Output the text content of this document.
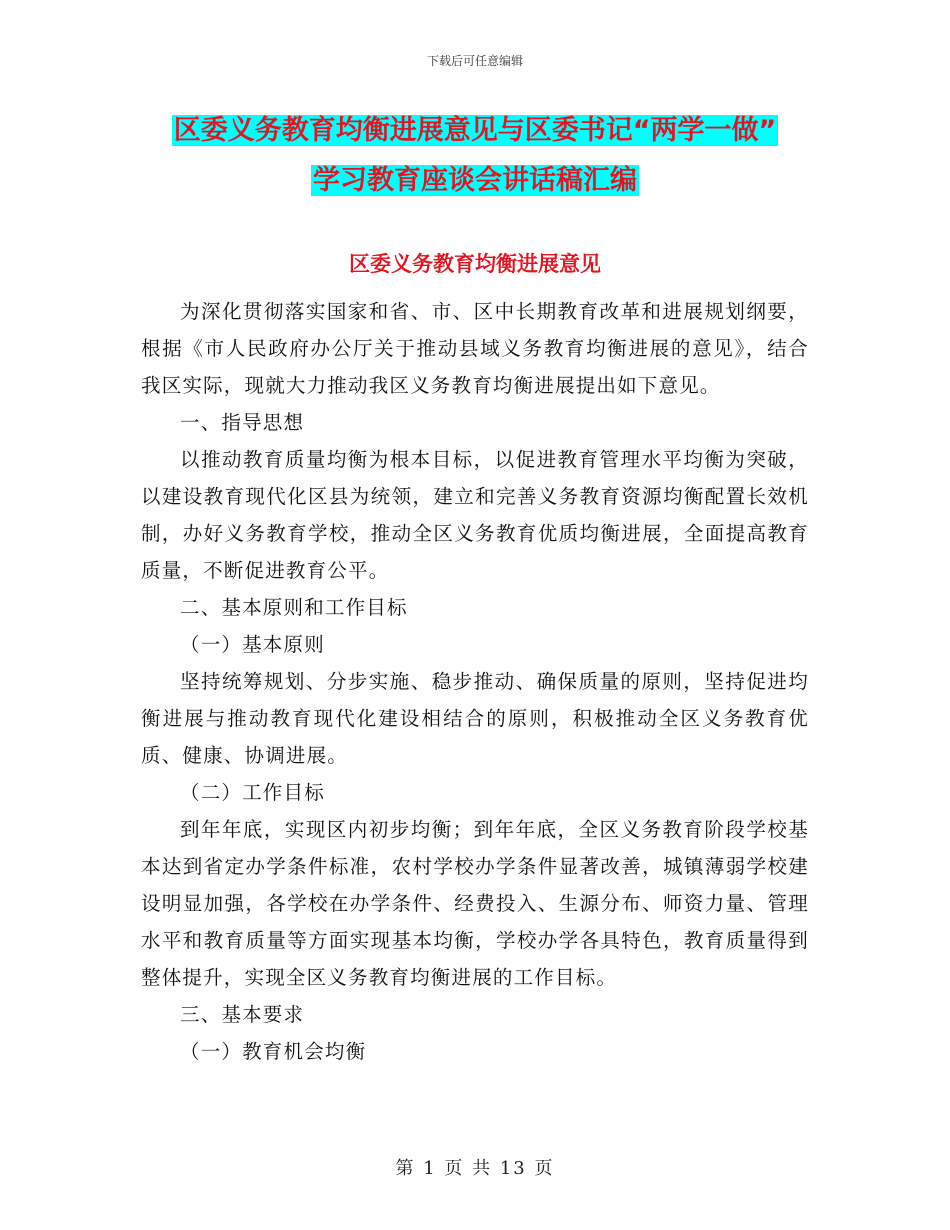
下载后可任意编辑
区委义务教育均衡进展意见与区委书记“两学一做”
学习教育座谈会讲话稿汇编
区委义务教育均衡进展意见

为深化贯彻落实国家和省、市、区中长期教育改革和进展规划纲要，根据《市人民政府办公厅关于推动县域义务教育均衡进展的意见》，结合我区实际，现就大力推动我区义务教育均衡进展提出如下意见。

一、指导思想

以推动教育质量均衡为根本目标，以促进教育管理水平均衡为突破，以建设教育现代化区县为统领，建立和完善义务教育资源均衡配置长效机制，办好义务教育学校，推动全区义务教育优质均衡进展，全面提高教育质量，不断促进教育公平。

二、基本原则和工作目标

（一）基本原则

坚持统筹规划、分步实施、稳步推动、确保质量的原则，坚持促进均衡进展与推动教育现代化建设相结合的原则，积极推动全区义务教育优质、健康、协调进展。

（二）工作目标

到年年底，实现区内初步均衡；到年年底，全区义务教育阶段学校基本达到省定办学条件标准，农村学校办学条件显著改善，城镇薄弱学校建设明显加强，各学校在办学条件、经费投入、生源分布、师资力量、管理水平和教育质量等方面实现基本均衡，学校办学各具特色，教育质量得到整体提升，实现全区义务教育均衡进展的工作目标。

三、基本要求

（一）教育机会均衡

第 1 页 共 13 页
